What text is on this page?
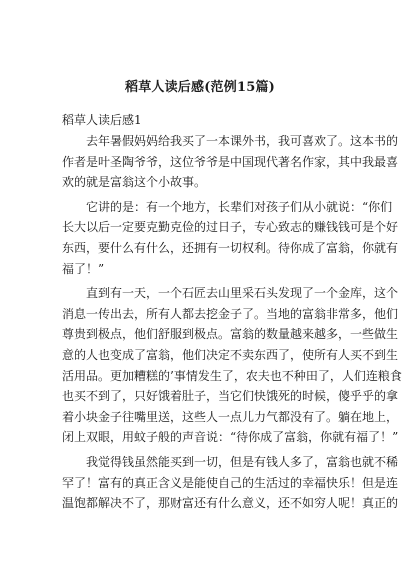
稻草人读后感(范例15篇)
稻草人读后感1
去年暑假妈妈给我买了一本课外书，我可喜欢了。这本书的
作者是叶圣陶爷爷，这位爷爷是中国现代著名作家，其中我最喜
欢的就是富翁这个小故事。
它讲的是：有一个地方，长辈们对孩子们从小就说：“你们
长大以后一定要克勤克俭的过日子，专心致志的赚钱钱可是个好
东西，要什么有什么，还拥有一切权利。待你成了富翁，你就有
福了！”
直到有一天，一个石匠去山里采石头发现了一个金库，这个
消息一传出去，所有人都去挖金子了。当地的富翁非常多，他们
尊贵到极点，他们舒服到极点。富翁的数量越来越多，一些做生
意的人也变成了富翁，他们决定不卖东西了，使所有人买不到生
活用品。更加糟糕的’事情发生了，农夫也不种田了，人们连粮食
也买不到了，只好饿着肚子，当它们快饿死的时候，傻乎乎的拿
着小块金子往嘴里送，这些人一点儿力气都没有了。躺在地上，
闭上双眼，用蚊子般的声音说：“待你成了富翁，你就有福了！”
我觉得钱虽然能买到一切，但是有钱人多了，富翁也就不稀
罕了！富有的真正含义是能使自己的生活过的幸福快乐！但是连
温饱都解决不了，那财富还有什么意义，还不如穷人呢！真正的
